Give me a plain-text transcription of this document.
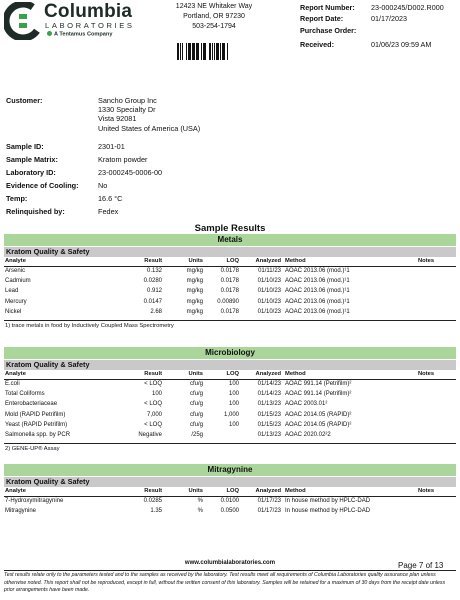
Columbia
LABORATORIES
A Tentamus Company
12423 NE Whitaker Way
Portland, OR 97230
503-254-1794
Report Number: 23-000245/D002.R000
Report Date:	01/17/2023
Purchase Order:
Received:	01/06/23 09:59 AM
Customer:	Sancho Group Inc
1330 Specialty Dr
Vista 92081
United States of America (USA)
Sample ID:	2301-01
Sample Matrix:	Kratom powder
Laboratory ID:	23-000245-0006-00
Evidence of Cooling:	No
Temp:	16.6 °C
Relinquished by:	Fedex
Sample Results
Metals
Kratom Quality & Safety
Analyte	Result	Units	LOQ	Analyzed Method	Notes
Arsenic	0.132	mg/kg	0.0178	01/11/23 AOAC 2013.06 (mod.)¹1
Cadmium	0.0280	mg/kg	0.0178	01/10/23 AOAC 2013.06 (mod.)¹1
Lead	0.912	mg/kg	0.0178	01/10/23 AOAC 2013.06 (mod.)¹1
Mercury	0.0147	mg/kg	0.00890	01/10/23 AOAC 2013.06 (mod.)¹1
Nickel	2.68	mg/kg	0.0178	01/10/23 AOAC 2013.06 (mod.)¹1
1) trace metals in food by Inductively Coupled Mass Spectrometry
Microbiology
Kratom Quality & Safety
Analyte	Result	Units	LOQ	Analyzed Method	Notes
E.coli	< LOQ	cfu/g	100	01/14/23 AOAC 991.14 (Petrifilm)²
Total Coliforms	100	cfu/g	100	01/14/23 AOAC 991.14 (Petrifilm)²
Enterobacteriaceae	< LOQ	cfu/g	100	01/13/23 AOAC 2003.01²
Mold (RAPID Petrifilm)	7,000	cfu/g	1,000	01/15/23 AOAC 2014.05 (RAPID)²
Yeast (RAPID Petrifilm)	< LOQ	cfu/g	100	01/15/23 AOAC 2014.05 (RAPID)²
Salmonella spp. by PCR	Negative	/25g	01/13/23 AOAC 2020.02²2
2) GENE-UP® Assay
Mitragynine
Kratom Quality & Safety
Analyte	Result	Units	LOQ	Analyzed Method	Notes
7-Hydroxymitragynine	0.0285	%	0.0100	01/17/23 In house method by HPLC-DAD
Mitragynine	1.35	%	0.0500	01/17/23 In house method by HPLC-DAD
www.columbialaboratories.com	Page 7 of 13
Test results relate only to the parameters tested and to the samples as received by the laboratory. Test results meet all requirements of Columbia Laboratories quality assurance plan unless otherwise noted. This report shall not be reproduced, except in full, without the written consent of this laboratory. Samples will be retained for a maximum of 30 days from the receipt date unless prior arrangements have been made.
